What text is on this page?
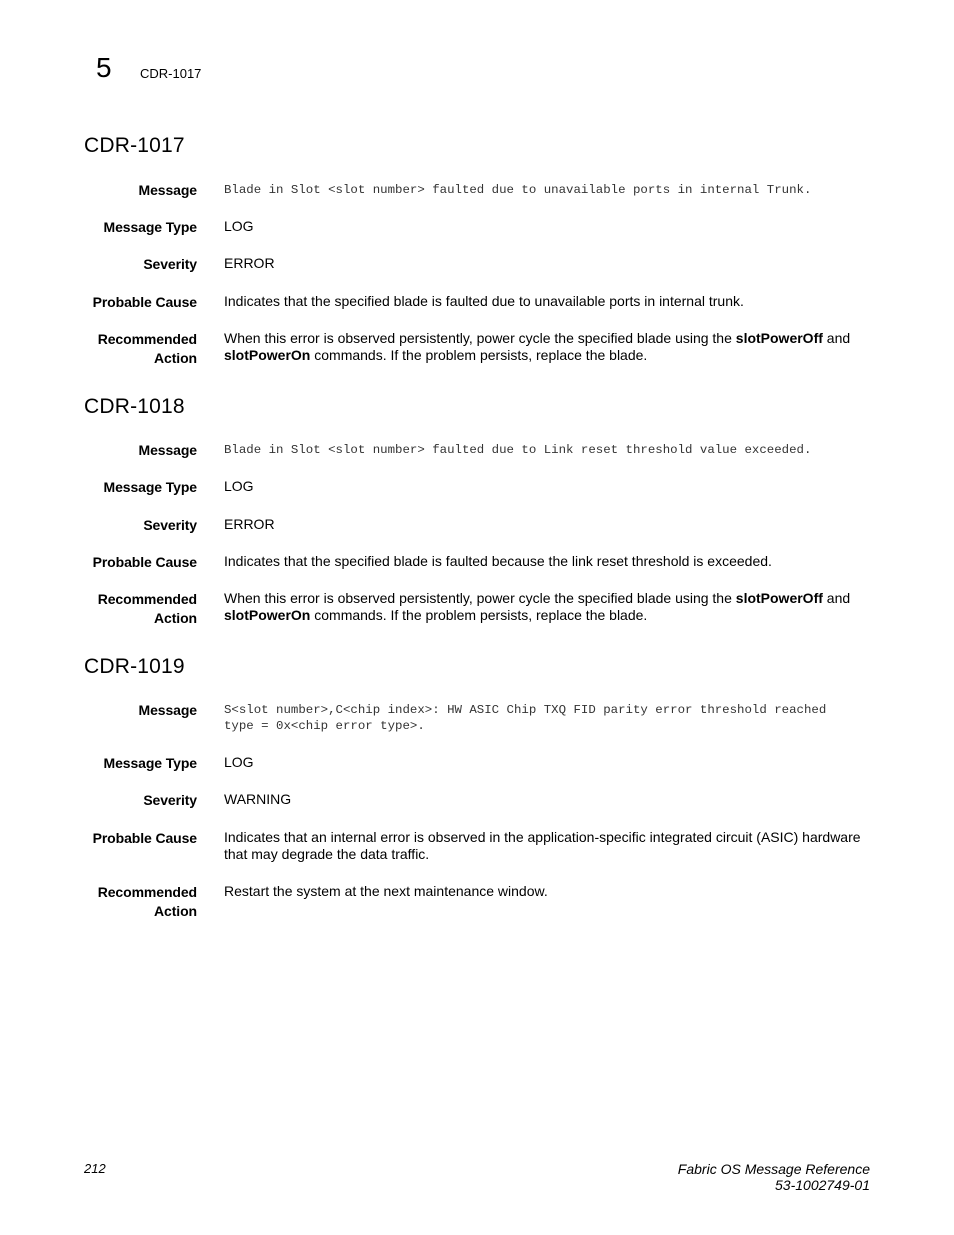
5 CDR-1017
CDR-1017
Message Blade in Slot <slot number> faulted due to unavailable ports in internal Trunk.
Message Type LOG
Severity ERROR
Probable Cause Indicates that the specified blade is faulted due to unavailable ports in internal trunk.
Recommended
Action
When this error is observed persistently, power cycle the specified blade using the slotPowerOff and
slotPowerOn commands. If the problem persists, replace the blade.
CDR-1018
Message Blade in Slot <slot number> faulted due to Link reset threshold value exceeded.
Message Type LOG
Severity ERROR
Probable Cause Indicates that the specified blade is faulted because the link reset threshold is exceeded.
Recommended
Action
When this error is observed persistently, power cycle the specified blade using the slotPowerOff and
slotPowerOn commands. If the problem persists, replace the blade.
CDR-1019
Message S<slot number>,C<chip index>: HW ASIC Chip TXQ FID parity error threshold reached
type = 0x<chip error type>.
Message Type LOG
Severity WARNING
Probable Cause Indicates that an internal error is observed in the application-specific integrated circuit (ASIC) hardware
that may degrade the data traffic.
Recommended
Action
Restart the system at the next maintenance window.
212	Fabric OS Message Reference
53-1002749-01
